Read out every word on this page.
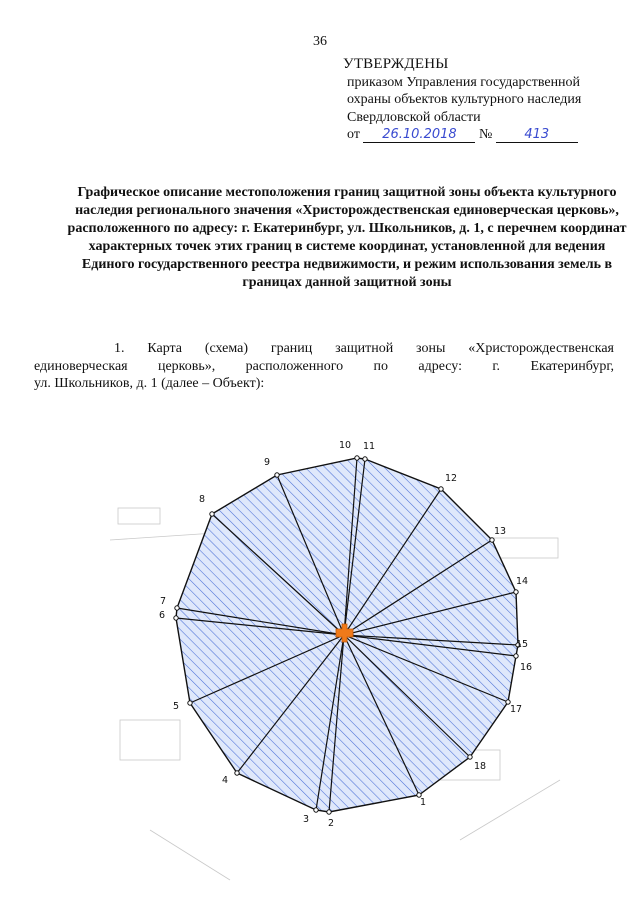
36
УТВЕРЖДЕНЫ
приказом Управления государственной
охраны объектов культурного наследия
Свердловской области
от 26.10.2018 № 413
Графическое описание местоположения границ защитной зоны объекта культурного наследия регионального значения «Христорождественская единоверческая церковь», расположенного по адресу: г. Екатеринбург, ул. Школьников, д. 1, с перечнем координат характерных точек этих границ в системе координат, установленной для ведения Единого государственного реестра недвижимости, и режим использования земель в границах данной защитной зоны
1. Карта (схема) границ защитной зоны «Христорождественская
единоверческая церковь», расположенного по адресу: г. Екатеринбург,
ул. Школьников, д. 1 (далее – Объект):
1
2
3
4
5
6
7
8
9
10 11
12
13
14
15
16
17
18
